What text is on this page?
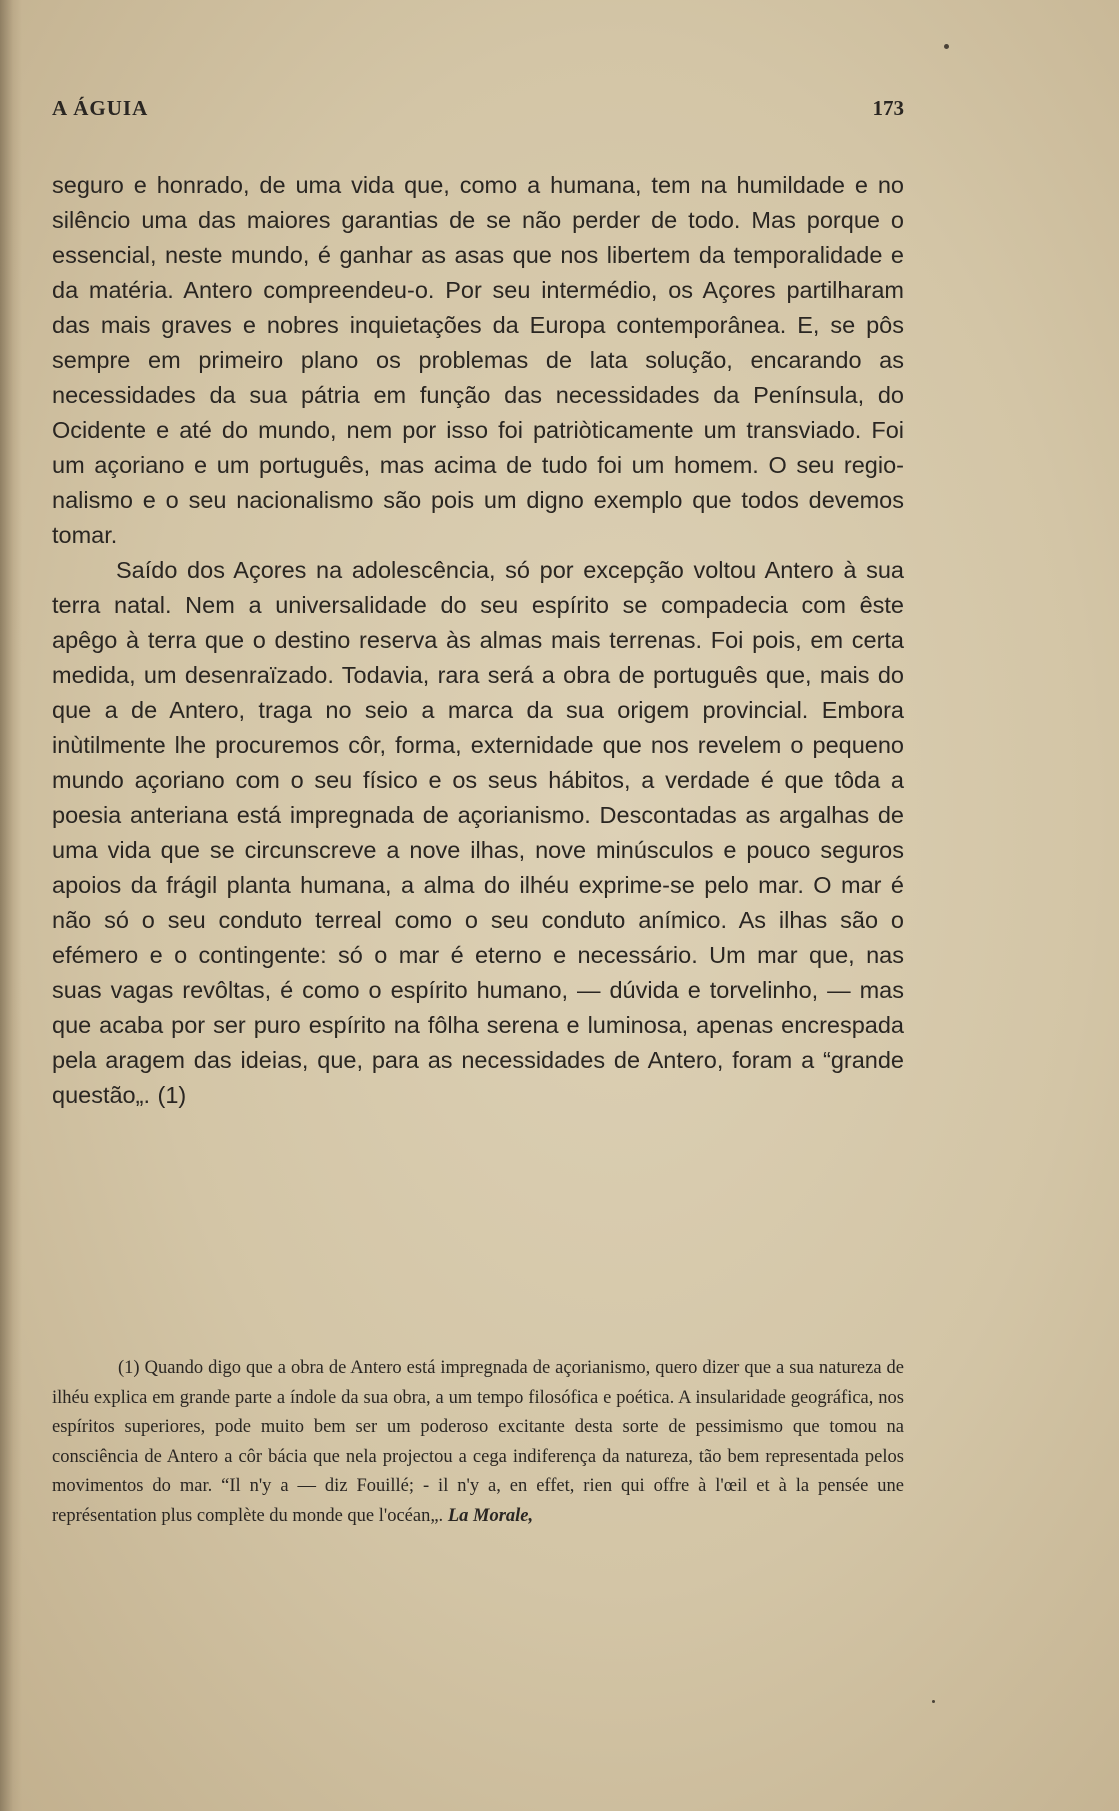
A ÁGUIA	173

seguro e honrado, de uma vida que, como a humana, tem na humildade e no silêncio uma das maiores garantias de se não perder de todo. Mas porque o essencial, neste mundo, é ganhar as asas que nos libertem da temporalidade e da matéria. Antero compreendeu-o. Por seu intermédio, os Açores partilharam das mais graves e nobres inquietações da Europa contemporânea. E, se pôs sempre em primeiro plano os problemas de lata solução, encarando as necessidades da sua pátria em função das necessidades da Península, do Ocidente e até do mundo, nem por isso foi patriòticamente um transviado. Foi um açoriano e um português, mas acima de tudo foi um homem. O seu regionalismo e o seu nacionalismo são pois um digno exemplo que todos devemos tomar.

Saído dos Açores na adolescência, só por excepção voltou Antero à sua terra natal. Nem a universalidade do seu espírito se compadecia com êste apêgo à terra que o destino reserva às almas mais terrenas. Foi pois, em certa medida, um desenraïzado. Todavia, rara será a obra de português que, mais do que a de Antero, traga no seio a marca da sua origem provincial. Embora inùtilmente lhe procuremos côr, forma, externidade que nos revelem o pequeno mundo açoriano com o seu físico e os seus hábitos, a verdade é que tôda a poesia anteriana está impregnada de açorianismo. Descontadas as argalhas de uma vida que se circunscreve a nove ilhas, nove minúsculos e pouco seguros apoios da frágil planta humana, a alma do ilhéu exprime-se pelo mar. O mar é não só o seu conduto terreal como o seu conduto anímico. As ilhas são o efémero e o contingente: só o mar é eterno e necessário. Um mar que, nas suas vagas revôltas, é como o espírito humano, — dúvida e torvelinho, — mas que acaba por ser puro espírito na fôlha serena e luminosa, apenas encrespada pela aragem das ideias, que, para as necessidades de Antero, foram a “grande questão„. (1)

(1) Quando digo que a obra de Antero está impregnada de açorianismo, quero dizer que a sua natureza de ilhéu explica em grande parte a índole da sua obra, a um tempo filosófica e poética. A insularidade geográfica, nos espíritos superiores, pode muito bem ser um poderoso excitante desta sorte de pessimismo que tomou na consciência de Antero a côr bácia que nela projectou a cega indiferença da natureza, tão bem representada pelos movimentos do mar. “Il n'y a — diz Fouillé; - il n'y a, en effet, rien qui offre à l'œil et à la pensée une représentation plus complète du monde que l'océan„. La Morale,
